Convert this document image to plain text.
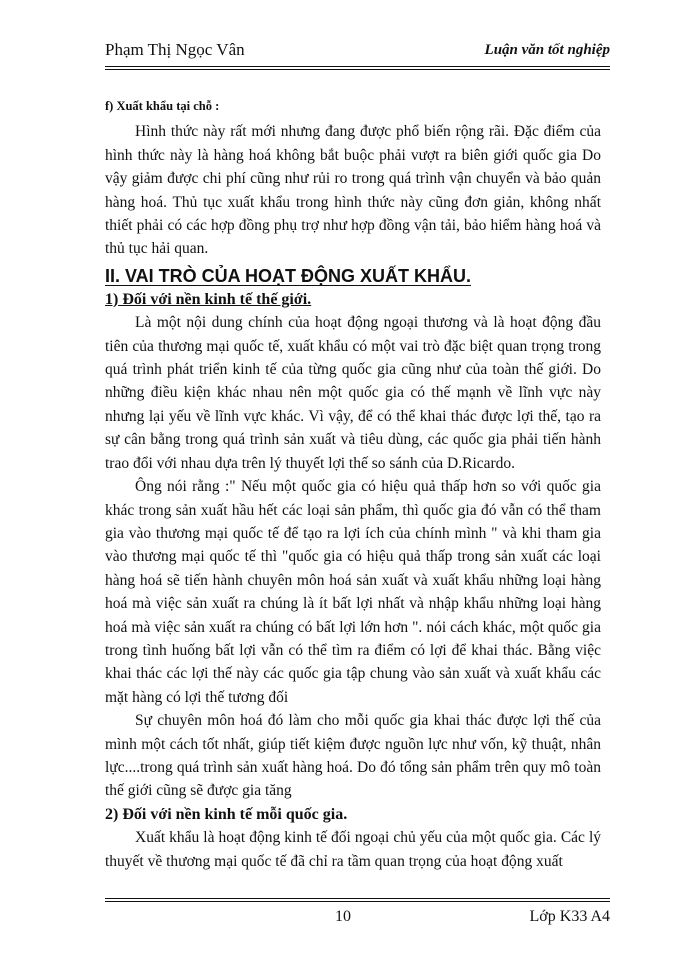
Phạm Thị Ngọc Vân	Luận văn tốt nghiệp

f) Xuất khẩu tại chỗ :

Hình thức này rất mới nhưng đang được phổ biến rộng rãi. Đặc điểm của hình thức này là hàng hoá không bắt buộc phải vượt ra biên giới quốc gia Do vậy giảm được chi phí cũng như rủi ro trong quá trình vận chuyển và bảo quản hàng hoá. Thủ tục xuất khẩu trong hình thức này cũng đơn giản, không nhất thiết phải có các hợp đồng phụ trợ như hợp đồng vận tải, bảo hiểm hàng hoá và thủ tục hải quan.

II. VAI TRÒ CỦA HOẠT ĐỘNG XUẤT KHẨU.

1) Đối với nền kinh tế thế giới.

Là một nội dung chính của hoạt động ngoại thương và là hoạt động đầu tiên của thương mại quốc tế, xuất khẩu có một vai trò đặc biệt quan trọng trong quá trình phát triển kinh tế của từng quốc gia cũng như của toàn thế giới. Do những điều kiện khác nhau nên một quốc gia có thế mạnh về lĩnh vực này nhưng lại yếu về lĩnh vực khác. Vì vậy, để có thể khai thác được lợi thế, tạo ra sự cân bằng trong quá trình sản xuất và tiêu dùng, các quốc gia phải tiến hành trao đổi với nhau dựa trên lý thuyết lợi thế so sánh của D.Ricardo.

Ông nói rằng :" Nếu một quốc gia có hiệu quả thấp hơn so với quốc gia khác trong sản xuất hầu hết các loại sản phẩm, thì quốc gia đó vẫn có thể tham gia vào thương mại quốc tế để tạo ra lợi ích của chính mình " và khi tham gia vào thương mại quốc tế thì "quốc gia có hiệu quả thấp trong sản xuất các loại hàng hoá sẽ tiến hành chuyên môn hoá sản xuất và xuất khẩu những loại hàng hoá mà việc sản xuất ra chúng là ít bất lợi nhất và nhập khẩu những loại hàng hoá mà việc sản xuất ra chúng có bất lợi lớn hơn ". nói cách khác, một quốc gia trong tình huống bất lợi vẫn có thể tìm ra điểm có lợi để khai thác. Bằng việc khai thác các lợi thế này các quốc gia tập chung vào sản xuất và xuất khẩu các mặt hàng có lợi thế tương đối

Sự chuyên môn hoá đó làm cho mỗi quốc gia khai thác được lợi thế của mình một cách tốt nhất, giúp tiết kiệm được nguồn lực như vốn, kỹ thuật, nhân lực....trong quá trình sản xuất hàng hoá. Do đó tổng sản phẩm trên quy mô toàn thế giới cũng sẽ được gia tăng

2) Đối với nền kinh tế mỗi quốc gia.

Xuất khẩu là hoạt động kinh tế đối ngoại chủ yếu của một quốc gia. Các lý thuyết về thương mại quốc tế đã chỉ ra tầm quan trọng của hoạt động xuất

10	Lớp K33 A4
